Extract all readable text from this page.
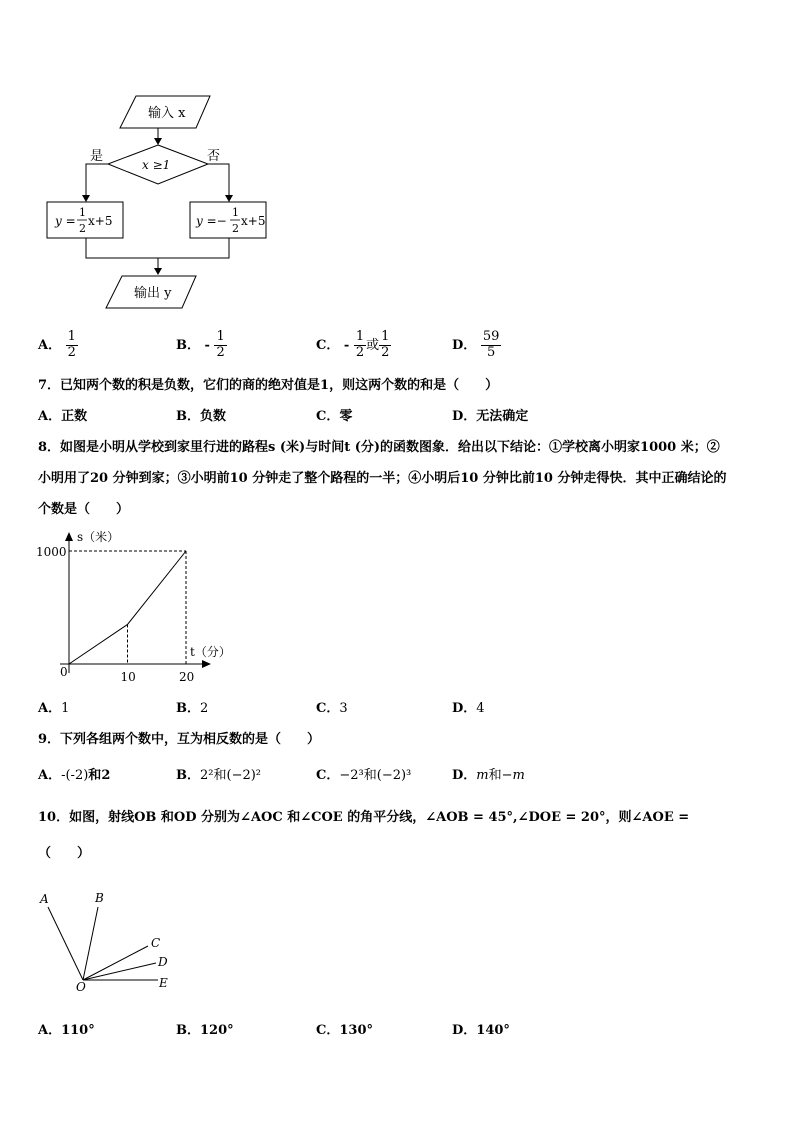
输入 x
x ≥1
是	否
y =
1
2
x+5	y =−
1
2
x+5
输出 y
A． $\frac{1}{2}$	B． - $\frac{1}{2}$	C． - $\frac{1}{2}$ 或 $\frac{1}{2}$	D． $\frac{59}{5}$
7．已知两个数的积是负数，它们的商的绝对值是1，则这两个数的和是（　　）
A．正数	B．负数	C．零	D．无法确定
8．如图是小明从学校到家里行进的路程s (米)与时间t (分)的函数图象．给出以下结论：①学校离小明家1000 米；②
小明用了20 分钟到家；③小明前10 分钟走了整个路程的一半；④小明后10 分钟比前10 分钟走得快．其中正确结论的
个数是（　　）
s（米）
t（分）
0	10	20
1000
A．1	B．2	C．3	D．4
9．下列各组两个数中，互为相反数的是（　　）
A．-(-2)和2	B．2²和(−2)²	C．−2³和(−2)³	D．m和−m
10．如图，射线OB 和OD 分别为∠AOC 和∠COE 的角平分线，∠AOB = 45°,∠DOE = 20°，则∠AOE =
（　　）
A	B
C
D
E
O
A．110°	B．120°	C．130°	D．140°
